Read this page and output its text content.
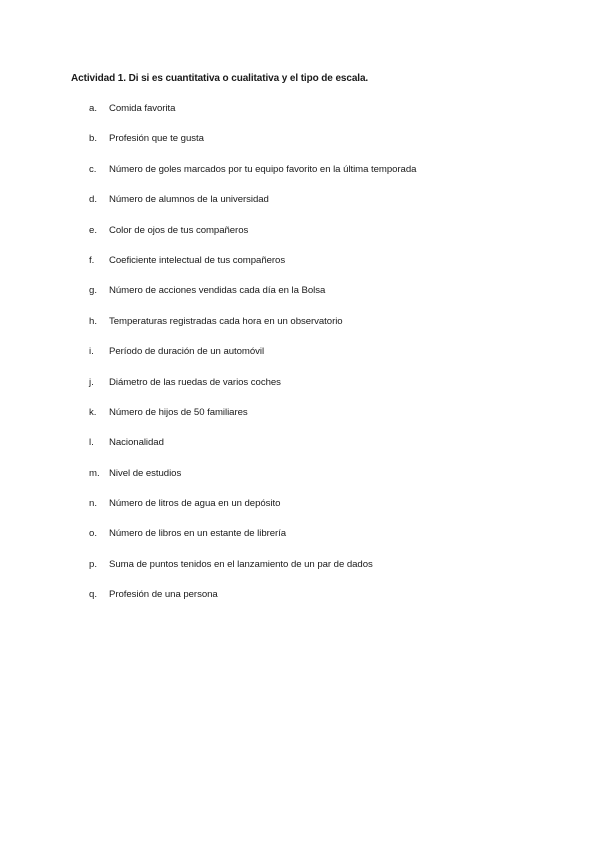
Actividad 1. Di si es cuantitativa o cualitativa y el tipo de escala.
a.	Comida favorita
b.	Profesión que te gusta
c.	Número de goles marcados por tu equipo favorito en la última temporada
d.	Número de alumnos de la universidad
e.	Color de ojos de tus compañeros
f.	Coeficiente intelectual de tus compañeros
g.	Número de acciones vendidas cada día en la Bolsa
h.	Temperaturas registradas cada hora en un observatorio
i.	Período de duración de un automóvil
j.	Diámetro de las ruedas de varios coches
k.	Número de hijos de 50 familiares
l.	Nacionalidad
m. Nivel de estudios
n.	Número de litros de agua en un depósito
o.	Número de libros en un estante de librería
p.	Suma de puntos tenidos en el lanzamiento de un par de dados
q.	Profesión de una persona
